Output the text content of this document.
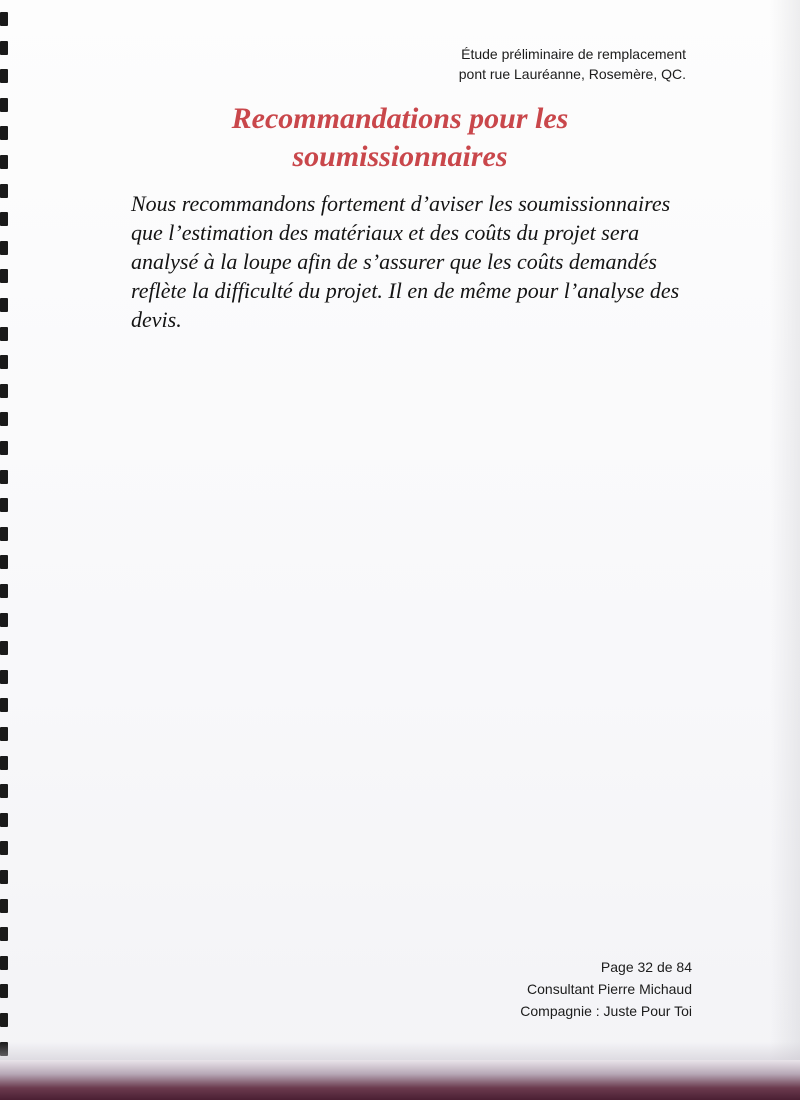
Étude préliminaire de remplacement
pont rue Lauréanne, Rosemère, QC.
Recommandations pour les
soumissionnaires

Nous recommandons fortement d’aviser les soumissionnaires que l’estimation des matériaux et des coûts du projet sera analysé à la loupe afin de s’assurer que les coûts demandés reflète la difficulté du projet. Il en de même pour l’analyse des devis.

Page 32 de 84
Consultant Pierre Michaud
Compagnie : Juste Pour Toi
